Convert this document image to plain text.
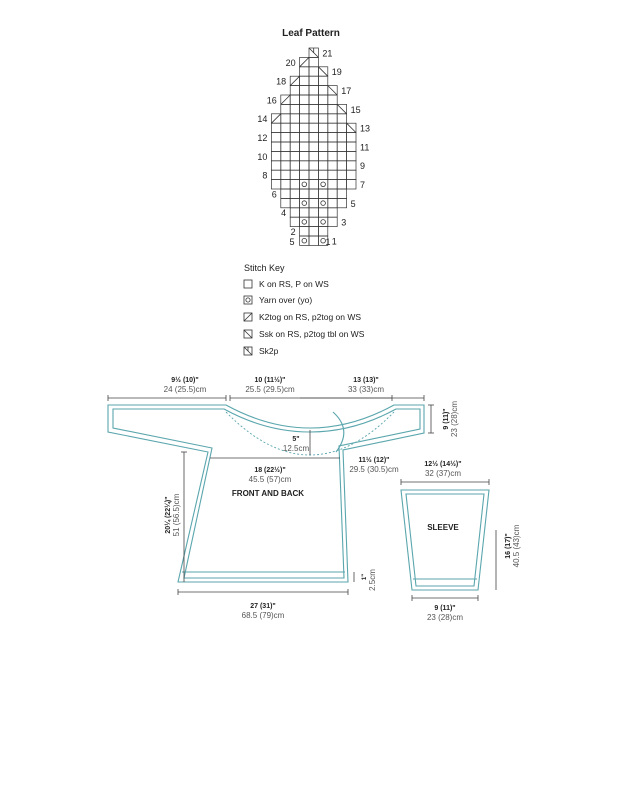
Leaf Pattern
21
19
17
15
13
11
9
7
5
3
1
20
18
16
14
12
10
8
6
4
2
5	1
Stitch Key
K on RS, P on WS
Yarn over (yo)
K2tog on RS, p2tog on WS
Ssk on RS, p2tog tbl on WS
Sk2p
9½ (10)"
24 (25.5)cm
10 (11½)"
25.5 (29.5)cm
13 (13)"
33 (33)cm
9 (11)" 23 (28)cm
5"
12.5cm
11½ (12)"
29.5 (30.5)cm
18 (22½)"
45.5 (57)cm
FRONT AND BACK
20¼ (22¼)" 51 (56.5)cm
1" 2.5cm
27 (31)"
68.5 (79)cm
12½ (14½)"
32 (37)cm
SLEEVE
16 (17)" 40.5 (43)cm
9 (11)"
23 (28)cm
